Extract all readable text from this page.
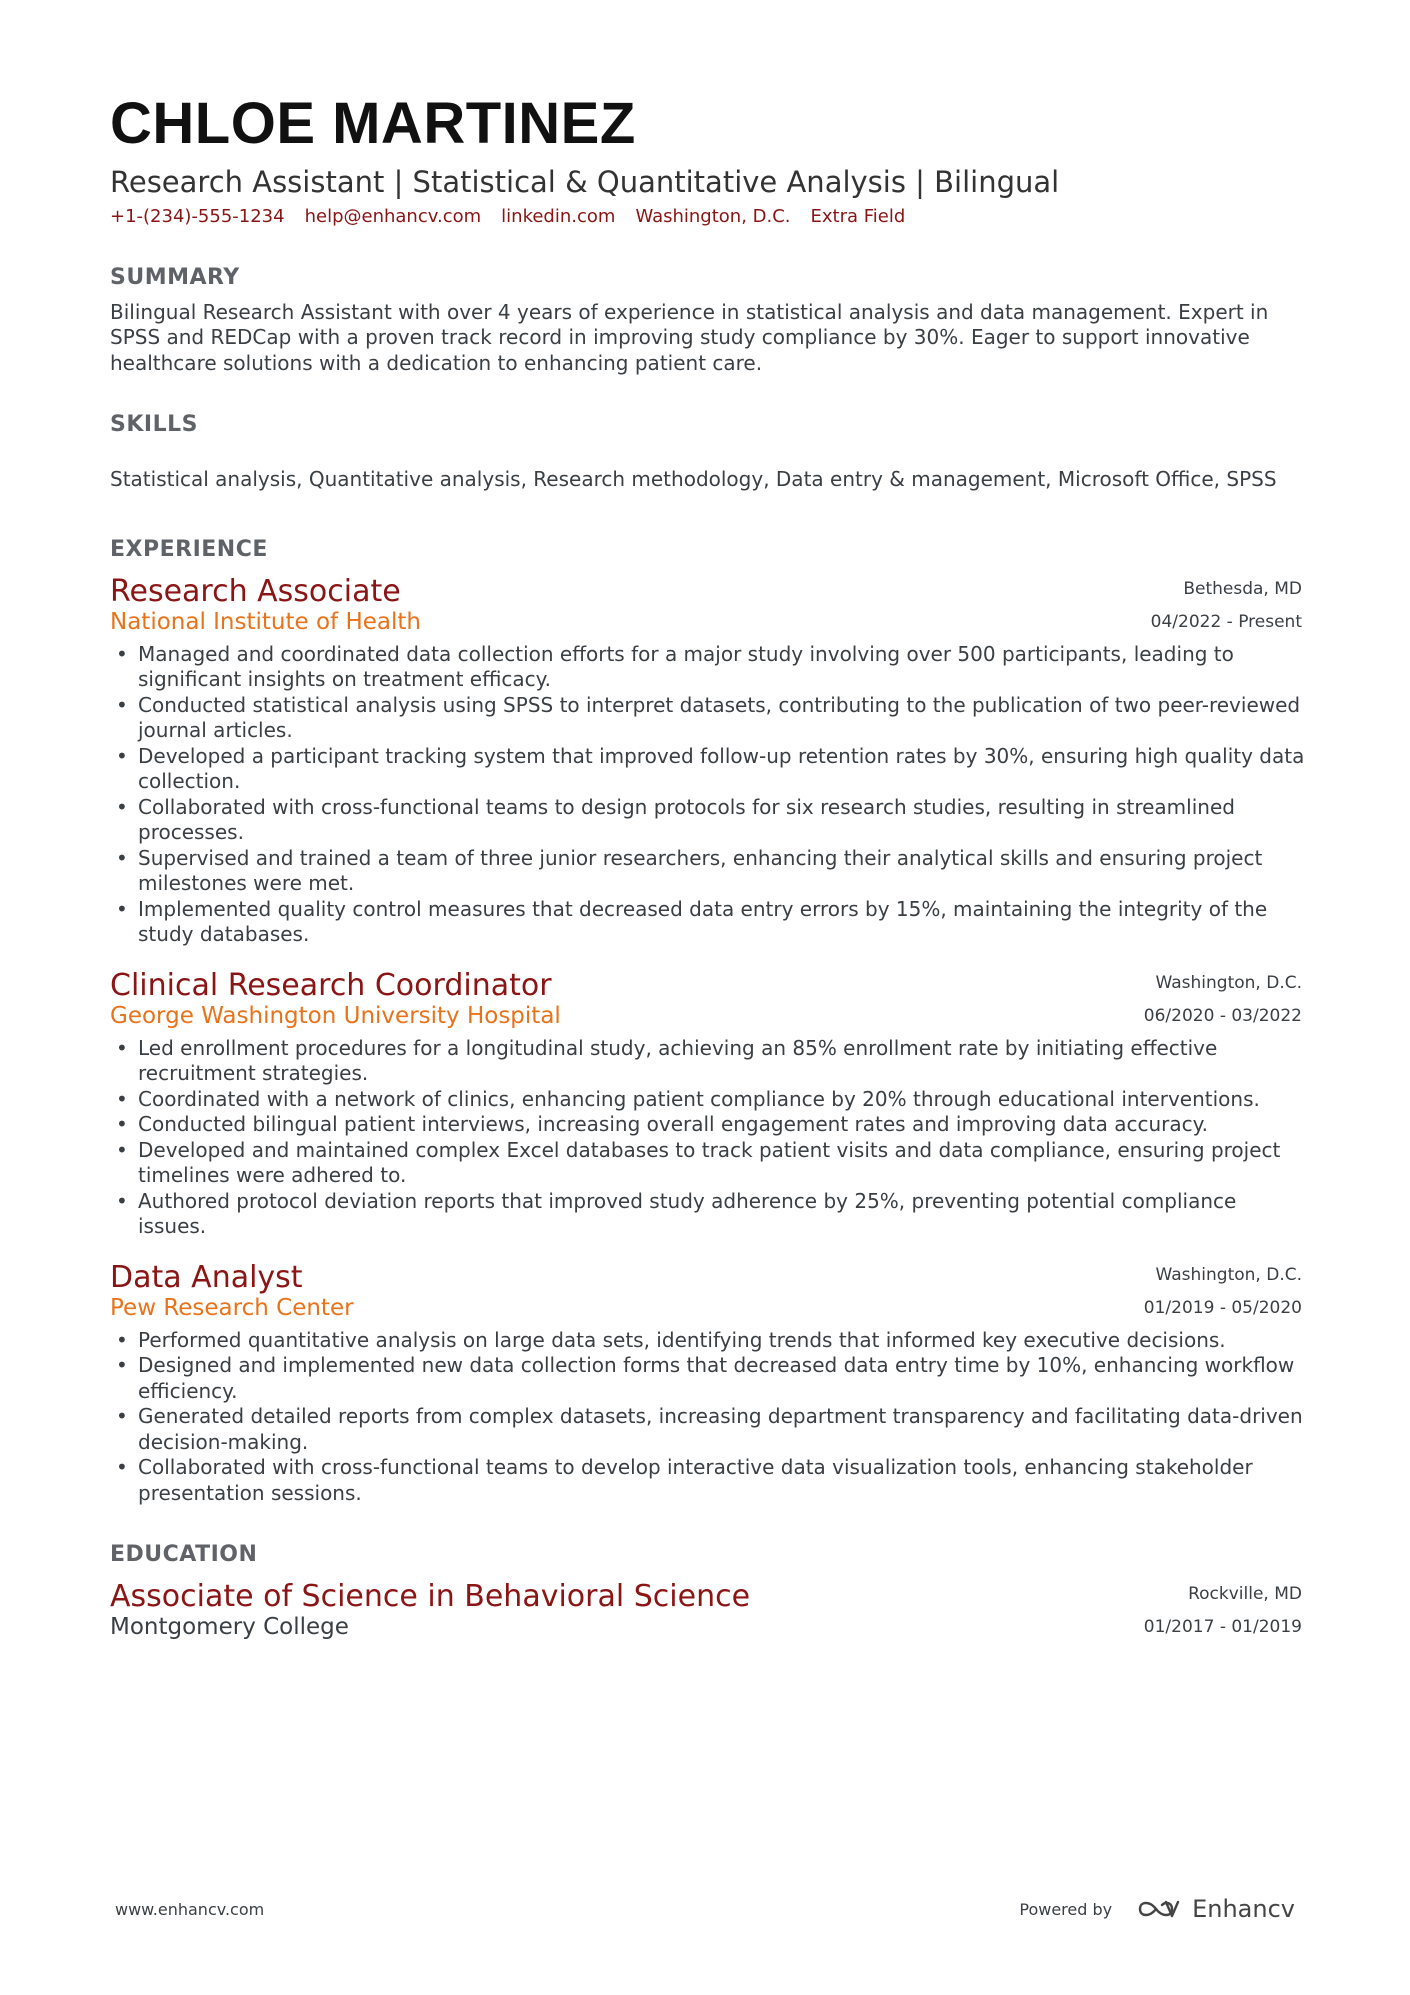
CHLOE MARTINEZ
Research Assistant | Statistical & Quantitative Analysis | Bilingual
+1-(234)-555-1234 help@enhancv.com linkedin.com Washington, D.C. Extra Field
SUMMARY
Bilingual Research Assistant with over 4 years of experience in statistical analysis and data management. Expert in SPSS and REDCap with a proven track record in improving study compliance by 30%. Eager to support innovative healthcare solutions with a dedication to enhancing patient care.
SKILLS
Statistical analysis, Quantitative analysis, Research methodology, Data entry & management, Microsoft Office, SPSS
EXPERIENCE
Research Associate	Bethesda, MD
National Institute of Health	04/2022 - Present
• Managed and coordinated data collection efforts for a major study involving over 500 participants, leading to significant insights on treatment efficacy.
• Conducted statistical analysis using SPSS to interpret datasets, contributing to the publication of two peer-reviewed journal articles.
• Developed a participant tracking system that improved follow-up retention rates by 30%, ensuring high quality data collection.
• Collaborated with cross-functional teams to design protocols for six research studies, resulting in streamlined processes.
• Supervised and trained a team of three junior researchers, enhancing their analytical skills and ensuring project milestones were met.
• Implemented quality control measures that decreased data entry errors by 15%, maintaining the integrity of the study databases.
Clinical Research Coordinator	Washington, D.C.
George Washington University Hospital	06/2020 - 03/2022
• Led enrollment procedures for a longitudinal study, achieving an 85% enrollment rate by initiating effective recruitment strategies.
• Coordinated with a network of clinics, enhancing patient compliance by 20% through educational interventions.
• Conducted bilingual patient interviews, increasing overall engagement rates and improving data accuracy.
• Developed and maintained complex Excel databases to track patient visits and data compliance, ensuring project timelines were adhered to.
• Authored protocol deviation reports that improved study adherence by 25%, preventing potential compliance issues.
Data Analyst	Washington, D.C.
Pew Research Center	01/2019 - 05/2020
• Performed quantitative analysis on large data sets, identifying trends that informed key executive decisions.
• Designed and implemented new data collection forms that decreased data entry time by 10%, enhancing workflow efficiency.
• Generated detailed reports from complex datasets, increasing department transparency and facilitating data-driven decision-making.
• Collaborated with cross-functional teams to develop interactive data visualization tools, enhancing stakeholder presentation sessions.
EDUCATION
Associate of Science in Behavioral Science	Rockville, MD
Montgomery College	01/2017 - 01/2019
www.enhancv.com	Powered by	Enhancv
